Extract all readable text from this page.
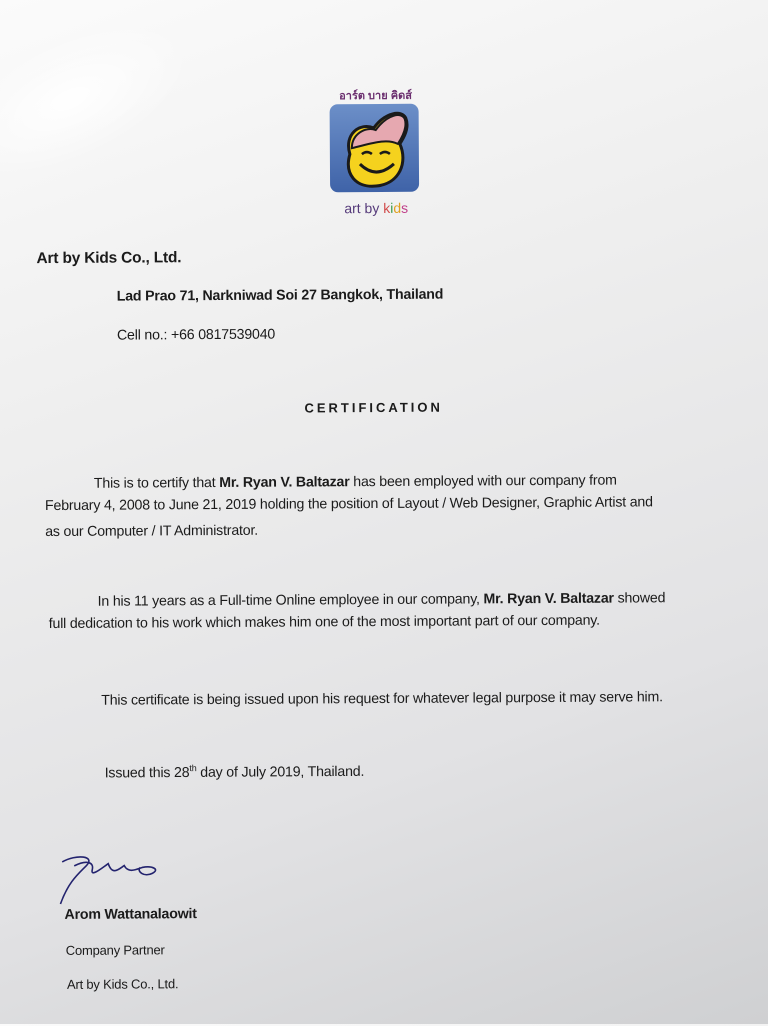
อาร์ต บาย คิดส์
art by kids
Art by Kids Co., Ltd.
Lad Prao 71, Narkniwad Soi 27 Bangkok, Thailand
Cell no.: +66 0817539040
CERTIFICATION
This is to certify that Mr. Ryan V. Baltazar has been employed with our company from
February 4, 2008 to June 21, 2019 holding the position of Layout / Web Designer, Graphic Artist and
as our Computer / IT Administrator.
In his 11 years as a Full-time Online employee in our company, Mr. Ryan V. Baltazar showed
full dedication to his work which makes him one of the most important part of our company.
This certificate is being issued upon his request for whatever legal purpose it may serve him.
Issued this 28th day of July 2019, Thailand.
Arom Wattanalaowit
Company Partner
Art by Kids Co., Ltd.
